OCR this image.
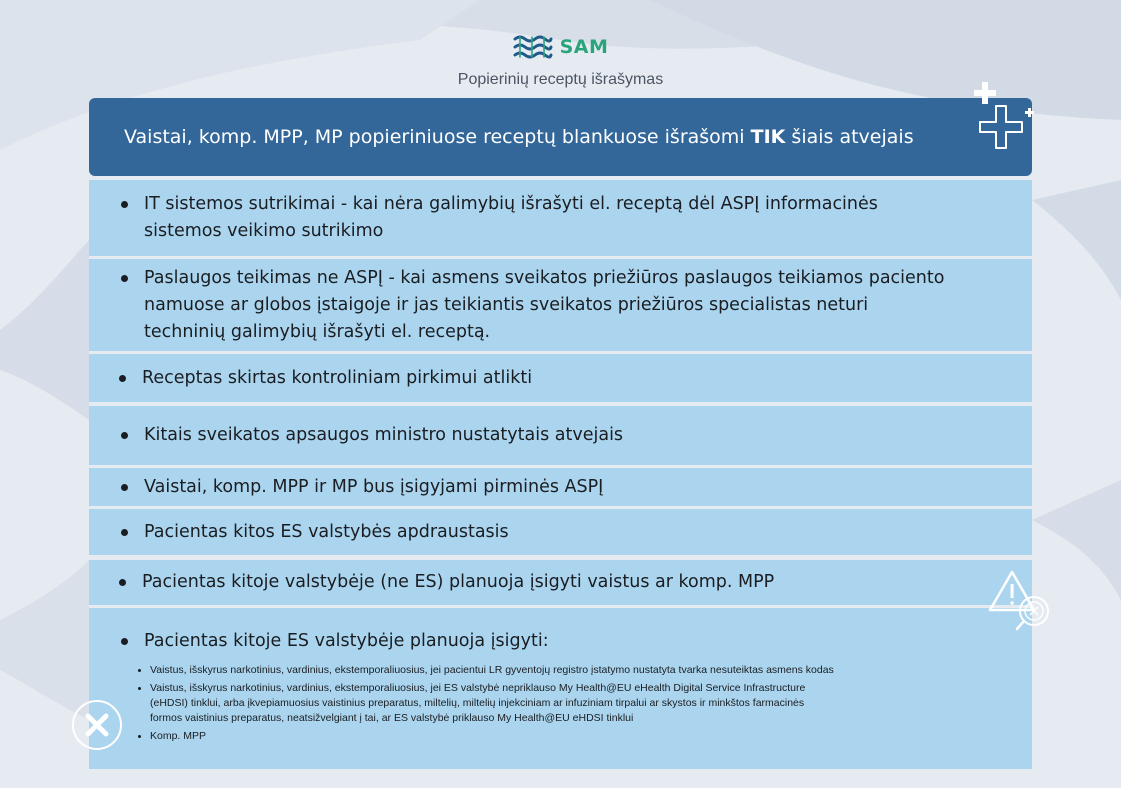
SAM
Popierinių receptų išrašymas
Vaistai, komp. MPP, MP popieriniuose receptų blankuose išrašomi TIK šiais atvejais
IT sistemos sutrikimai - kai nėra galimybių išrašyti el. receptą dėl ASPĮ informacinės
sistemos veikimo sutrikimo
Paslaugos teikimas ne ASPĮ - kai asmens sveikatos priežiūros paslaugos teikiamos paciento
namuose ar globos įstaigoje ir jas teikiantis sveikatos priežiūros specialistas neturi
techninių galimybių išrašyti el. receptą.
Receptas skirtas kontroliniam pirkimui atlikti
Kitais sveikatos apsaugos ministro nustatytais atvejais
Vaistai, komp. MPP ir MP bus įsigyjami pirminės ASPĮ
Pacientas kitos ES valstybės apdraustasis
Pacientas kitoje valstybėje (ne ES) planuoja įsigyti vaistus ar komp. MPP
Pacientas kitoje ES valstybėje planuoja įsigyti:
Vaistus, išskyrus narkotinius, vardinius, ekstemporaliuosius, jei pacientui LR gyventojų registro įstatymo nustatyta tvarka nesuteiktas asmens kodas
Vaistus, išskyrus narkotinius, vardinius, ekstemporaliuosius, jei ES valstybė nepriklauso My Health@EU eHealth Digital Service Infrastructure
(eHDSI) tinklui, arba įkvepiamuosius vaistinius preparatus, miltelių, miltelių injekciniam ar infuziniam tirpalui ar skystos ir minkštos farmacinės
formos vaistinius preparatus, neatsižvelgiant į tai, ar ES valstybė priklauso My Health@EU eHDSI tinklui
Komp. MPP
